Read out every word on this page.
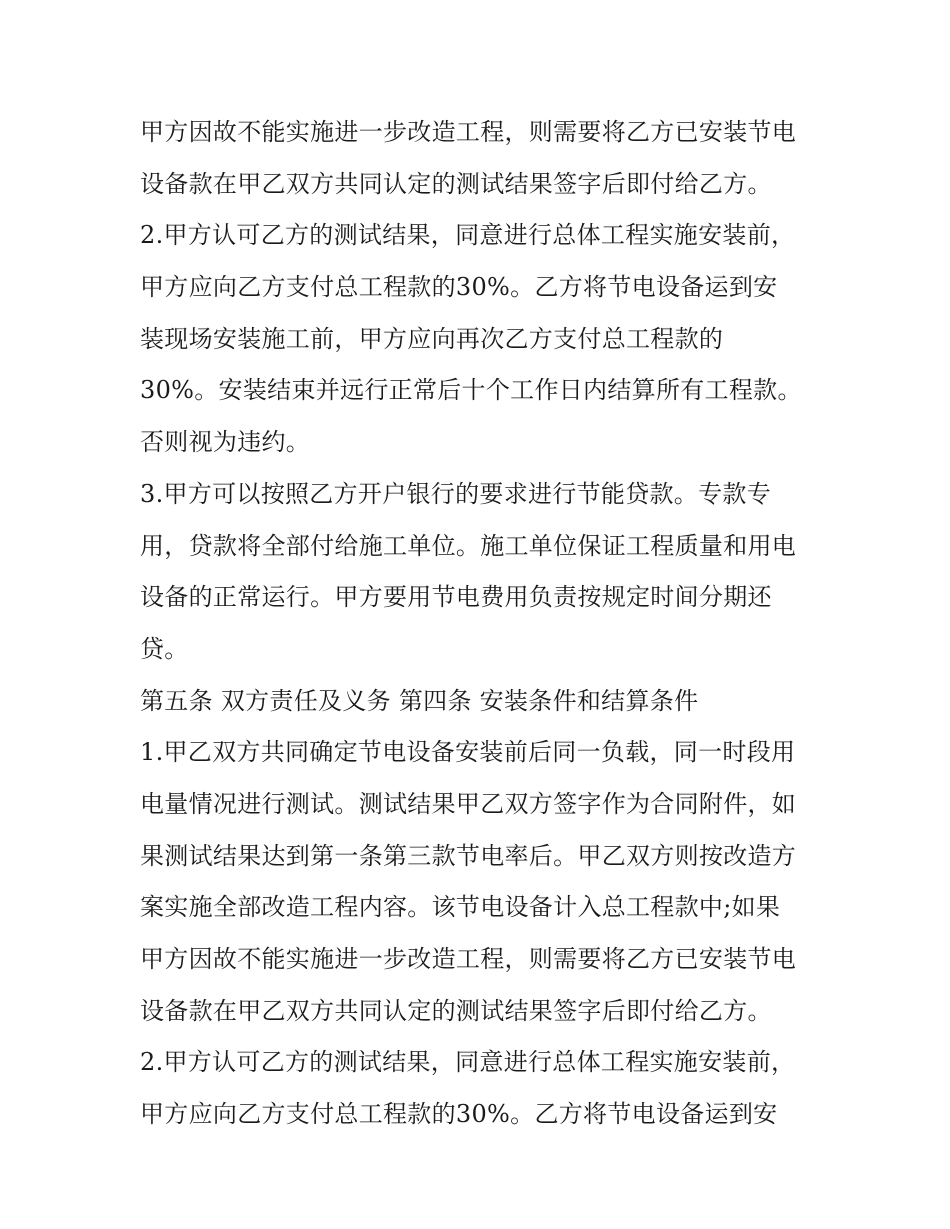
甲方因故不能实施进一步改造工程，则需要将乙方已安装节电
设备款在甲乙双方共同认定的测试结果签字后即付给乙方。
2.甲方认可乙方的测试结果，同意进行总体工程实施安装前，
甲方应向乙方支付总工程款的30%。乙方将节电设备运到安
装现场安装施工前，甲方应向再次乙方支付总工程款的
30%。安装结束并远行正常后十个工作日内结算所有工程款。
否则视为违约。
3.甲方可以按照乙方开户银行的要求进行节能贷款。专款专
用，贷款将全部付给施工单位。施工单位保证工程质量和用电
设备的正常运行。甲方要用节电费用负责按规定时间分期还
贷。
第五条 双方责任及义务 第四条 安装条件和结算条件
1.甲乙双方共同确定节电设备安装前后同一负载，同一时段用
电量情况进行测试。测试结果甲乙双方签字作为合同附件，如
果测试结果达到第一条第三款节电率后。甲乙双方则按改造方
案实施全部改造工程内容。该节电设备计入总工程款中;如果
甲方因故不能实施进一步改造工程，则需要将乙方已安装节电
设备款在甲乙双方共同认定的测试结果签字后即付给乙方。
2.甲方认可乙方的测试结果，同意进行总体工程实施安装前，
甲方应向乙方支付总工程款的30%。乙方将节电设备运到安
